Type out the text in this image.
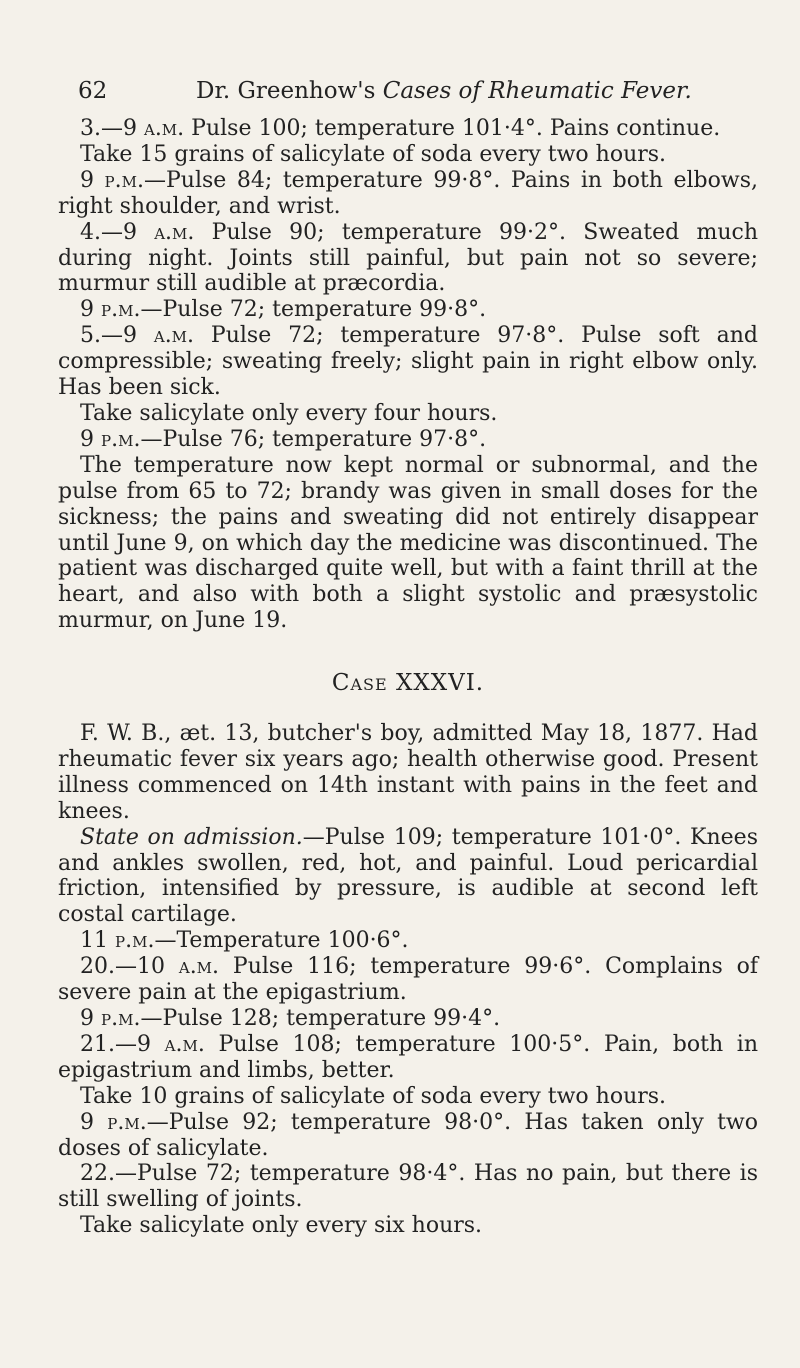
62	Dr. Greenhow's Cases of Rheumatic Fever.

3.—9 a.m. Pulse 100; temperature 101·4°. Pains continue.

Take 15 grains of salicylate of soda every two hours.

9 p.m.—Pulse 84; temperature 99·8°. Pains in both elbows, right shoulder, and wrist.

4.—9 a.m. Pulse 90; temperature 99·2°. Sweated much during night. Joints still painful, but pain not so severe; murmur still audible at præcordia.

9 p.m.—Pulse 72; temperature 99·8°.

5.—9 a.m. Pulse 72; temperature 97·8°. Pulse soft and compressible; sweating freely; slight pain in right elbow only. Has been sick.

Take salicylate only every four hours.

9 p.m.—Pulse 76; temperature 97·8°.

The temperature now kept normal or subnormal, and the pulse from 65 to 72; brandy was given in small doses for the sickness; the pains and sweating did not entirely disappear until June 9, on which day the medicine was discontinued. The patient was discharged quite well, but with a faint thrill at the heart, and also with both a slight systolic and præsystolic murmur, on June 19.

Case XXXVI.

F. W. B., æt. 13, butcher's boy, admitted May 18, 1877. Had rheumatic fever six years ago; health otherwise good. Present illness commenced on 14th instant with pains in the feet and knees.

State on admission.—Pulse 109; temperature 101·0°. Knees and ankles swollen, red, hot, and painful. Loud pericardial friction, intensified by pressure, is audible at second left costal cartilage.

11 p.m.—Temperature 100·6°.

20.—10 a.m. Pulse 116; temperature 99·6°. Complains of severe pain at the epigastrium.

9 p.m.—Pulse 128; temperature 99·4°.

21.—9 a.m. Pulse 108; temperature 100·5°. Pain, both in epigastrium and limbs, better.

Take 10 grains of salicylate of soda every two hours.

9 p.m.—Pulse 92; temperature 98·0°. Has taken only two doses of salicylate.

22.—Pulse 72; temperature 98·4°. Has no pain, but there is still swelling of joints.

Take salicylate only every six hours.
